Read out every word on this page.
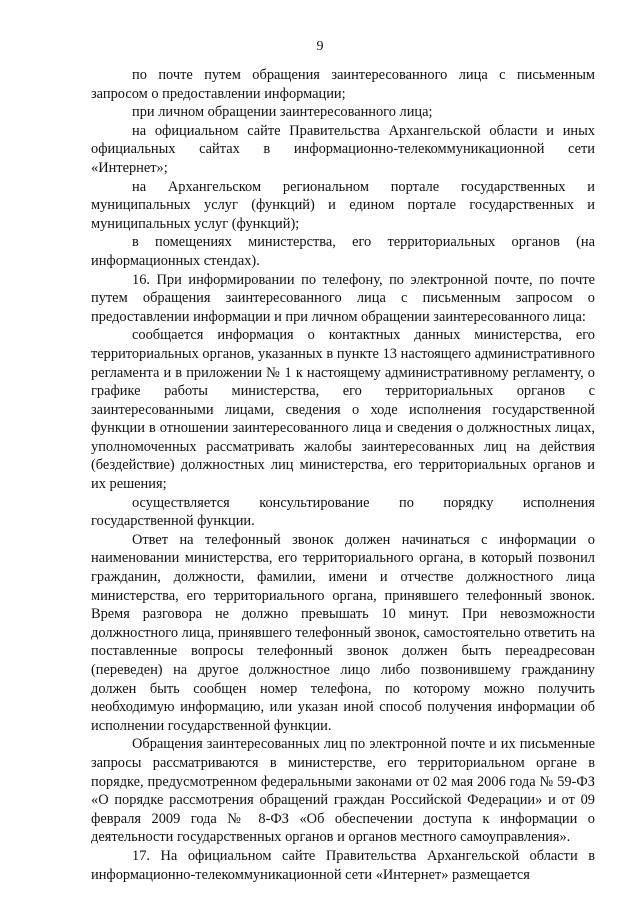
9

по почте путем обращения заинтересованного лица с письменным запросом о предоставлении информации;

при личном обращении заинтересованного лица;

на официальном сайте Правительства Архангельской области и иных официальных сайтах в информационно-телекоммуникационной сети «Интернет»;

на Архангельском региональном портале государственных и муниципальных услуг (функций) и едином портале государственных и муниципальных услуг (функций);

в помещениях министерства, его территориальных органов (на информационных стендах).

16. При информировании по телефону, по электронной почте, по почте путем обращения заинтересованного лица с письменным запросом о предоставлении информации и при личном обращении заинтересованного лица:

сообщается информация о контактных данных министерства, его территориальных органов, указанных в пункте 13 настоящего административного регламента и в приложении № 1 к настоящему административному регламенту, о графике работы министерства, его территориальных органов с заинтересованными лицами, сведения о ходе исполнения государственной функции в отношении заинтересованного лица и сведения о должностных лицах, уполномоченных рассматривать жалобы заинтересованных лиц на действия (бездействие) должностных лиц министерства, его территориальных органов и их решения;

осуществляется консультирование по порядку исполнения государственной функции.

Ответ на телефонный звонок должен начинаться с информации о наименовании министерства, его территориального органа, в который позвонил гражданин, должности, фамилии, имени и отчестве должностного лица министерства, его территориального органа, принявшего телефонный звонок. Время разговора не должно превышать 10 минут. При невозможности должностного лица, принявшего телефонный звонок, самостоятельно ответить на поставленные вопросы телефонный звонок должен быть переадресован (переведен) на другое должностное лицо либо позвонившему гражданину должен быть сообщен номер телефона, по которому можно получить необходимую информацию, или указан иной способ получения информации об исполнении государственной функции.

Обращения заинтересованных лиц по электронной почте и их письменные запросы рассматриваются в министерстве, его территориальном органе в порядке, предусмотренном федеральными законами от 02 мая 2006 года № 59-ФЗ «О порядке рассмотрения обращений граждан Российской Федерации» и от 09 февраля 2009 года № 8-ФЗ «Об обеспечении доступа к информации о деятельности государственных органов и органов местного самоуправления».

17. На официальном сайте Правительства Архангельской области в информационно-телекоммуникационной сети «Интернет» размещается
